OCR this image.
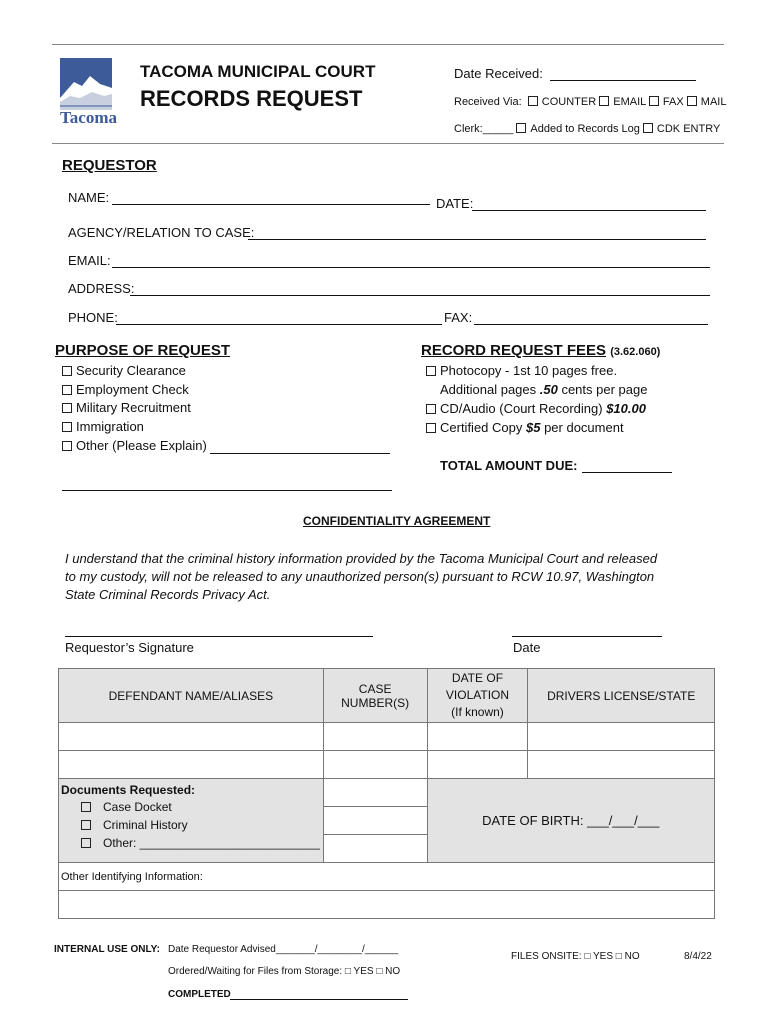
Tacoma
TACOMA MUNICIPAL COURT
RECORDS REQUEST
Date Received:
Received Via: COUNTER EMAIL FAX MAIL
Clerk:_____ Added to Records Log CDK ENTRY
REQUESTOR
NAME:	DATE:
AGENCY/RELATION TO CASE:
EMAIL:
ADDRESS:
PHONE:	FAX:
PURPOSE OF REQUEST
Security Clearance
Employment Check
Military Recruitment
Immigration
Other (Please Explain)
RECORD REQUEST FEES (3.62.060)
Photocopy - 1st 10 pages free.
Additional pages .50 cents per page
CD/Audio (Court Recording) $10.00
Certified Copy $5 per document
TOTAL AMOUNT DUE:
CONFIDENTIALITY AGREEMENT
I understand that the criminal history information provided by the Tacoma Municipal Court and released
to my custody, will not be released to any unauthorized person(s) pursuant to RCW 10.97, Washington
State Criminal Records Privacy Act.
Requestor’s Signature	Date
DEFENDANT NAME/ALIASES	CASE NUMBER(S)	DATE OF
VIOLATION
(If known)	DRIVERS LICENSE/STATE

Documents Requested:
Case Docket
Criminal History
Other: ___________________________		DATE OF BIRTH: ___/___/___	

Other Identifying Information:			

INTERNAL USE ONLY: Date Requestor Advised_______/________/______
Ordered/Waiting for Files from Storage: □ YES □ NO
COMPLETED
FILES ONSITE: □ YES □ NO	8/4/22
